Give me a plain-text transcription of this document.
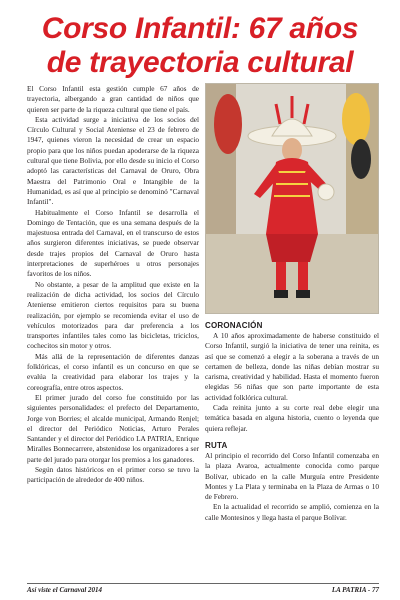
Corso Infantil: 67 años
de trayectoria cultural

El Corso Infantil esta gestión cumple 67 años de trayectoria, albergando a gran cantidad de niños que quieren ser parte de la riqueza cultural que tiene el país.

Esta actividad surge a iniciativa de los socios del Círculo Cultural y Social Ateniense el 23 de febrero de 1947, quienes vieron la necesidad de crear un espacio propio para que los niños puedan apoderarse de la riqueza cultural que tiene Bolivia, por ello desde su inicio el Corso adoptó las características del Carnaval de Oruro, Obra Maestra del Patrimonio Oral e Intangible de la Humanidad, es así que al principio se denominó "Carnaval Infantil".

Habitualmente el Corso Infantil se desarrolla el Domingo de Tentación, que es una semana después de la majestuosa entrada del Carnaval, en el transcurso de estos años surgieron diferentes iniciativas, se puede observar desde trajes propios del Carnaval de Oruro hasta interpretaciones de superhéroes u otros personajes favoritos de los niños.

No obstante, a pesar de la amplitud que existe en la realización de dicha actividad, los socios del Círculo Ateniense emitieron ciertos requisitos para su buena realización, por ejemplo se recomienda evitar el uso de vehículos motorizados para dar preferencia a los transportes infantiles tales como las bicicletas, triciclos, cochecitos sin motor y otros.

Más allá de la representación de diferentes danzas folklóricas, el corso infantil es un concurso en que se evalúa la creatividad para elaborar los trajes y la coreografía, entre otros aspectos.

El primer jurado del corso fue constituido por las siguientes personalidades: el prefecto del Departamento, Jorge von Borries; el alcalde municipal, Armando Renjel; el director del Periódico Noticias, Arturo Perales Santander y el director del Periódico LA PATRIA, Enrique Miralles Bonnecarrere, abstenidose los organizadores a ser parte del jurado para otorgar los premios a los ganadores.

Según datos históricos en el primer corso se tuvo la participación de alrededor de 400 niños.

CORONACIÓN

A 10 años aproximadamente de haberse constituido el Corso Infantil, surgió la iniciativa de tener una reinita, es así que se comenzó a elegir a la soberana a través de un certamen de belleza, donde las niñas debían mostrar su carisma, creatividad y habilidad. Hasta el momento fueron elegidas 56 niñas que son parte importante de esta actividad folklórica cultural.

Cada reinita junto a su corte real debe elegir una temática basada en alguna historia, cuento o leyenda que quiera reflejar.

RUTA

Al principio el recorrido del Corso Infantil comenzaba en la plaza Avaroa, actualmente conocida como parque Bolívar, ubicado en la calle Murguía entre Presidente Montes y La Plata y terminaba en la Plaza de Armas o 10 de Febrero.

En la actualidad el recorrido se amplió, comienza en la calle Montesinos y llega hasta el parque Bolívar.

Así viste el Carnaval 2014	LA PATRIA - 77
